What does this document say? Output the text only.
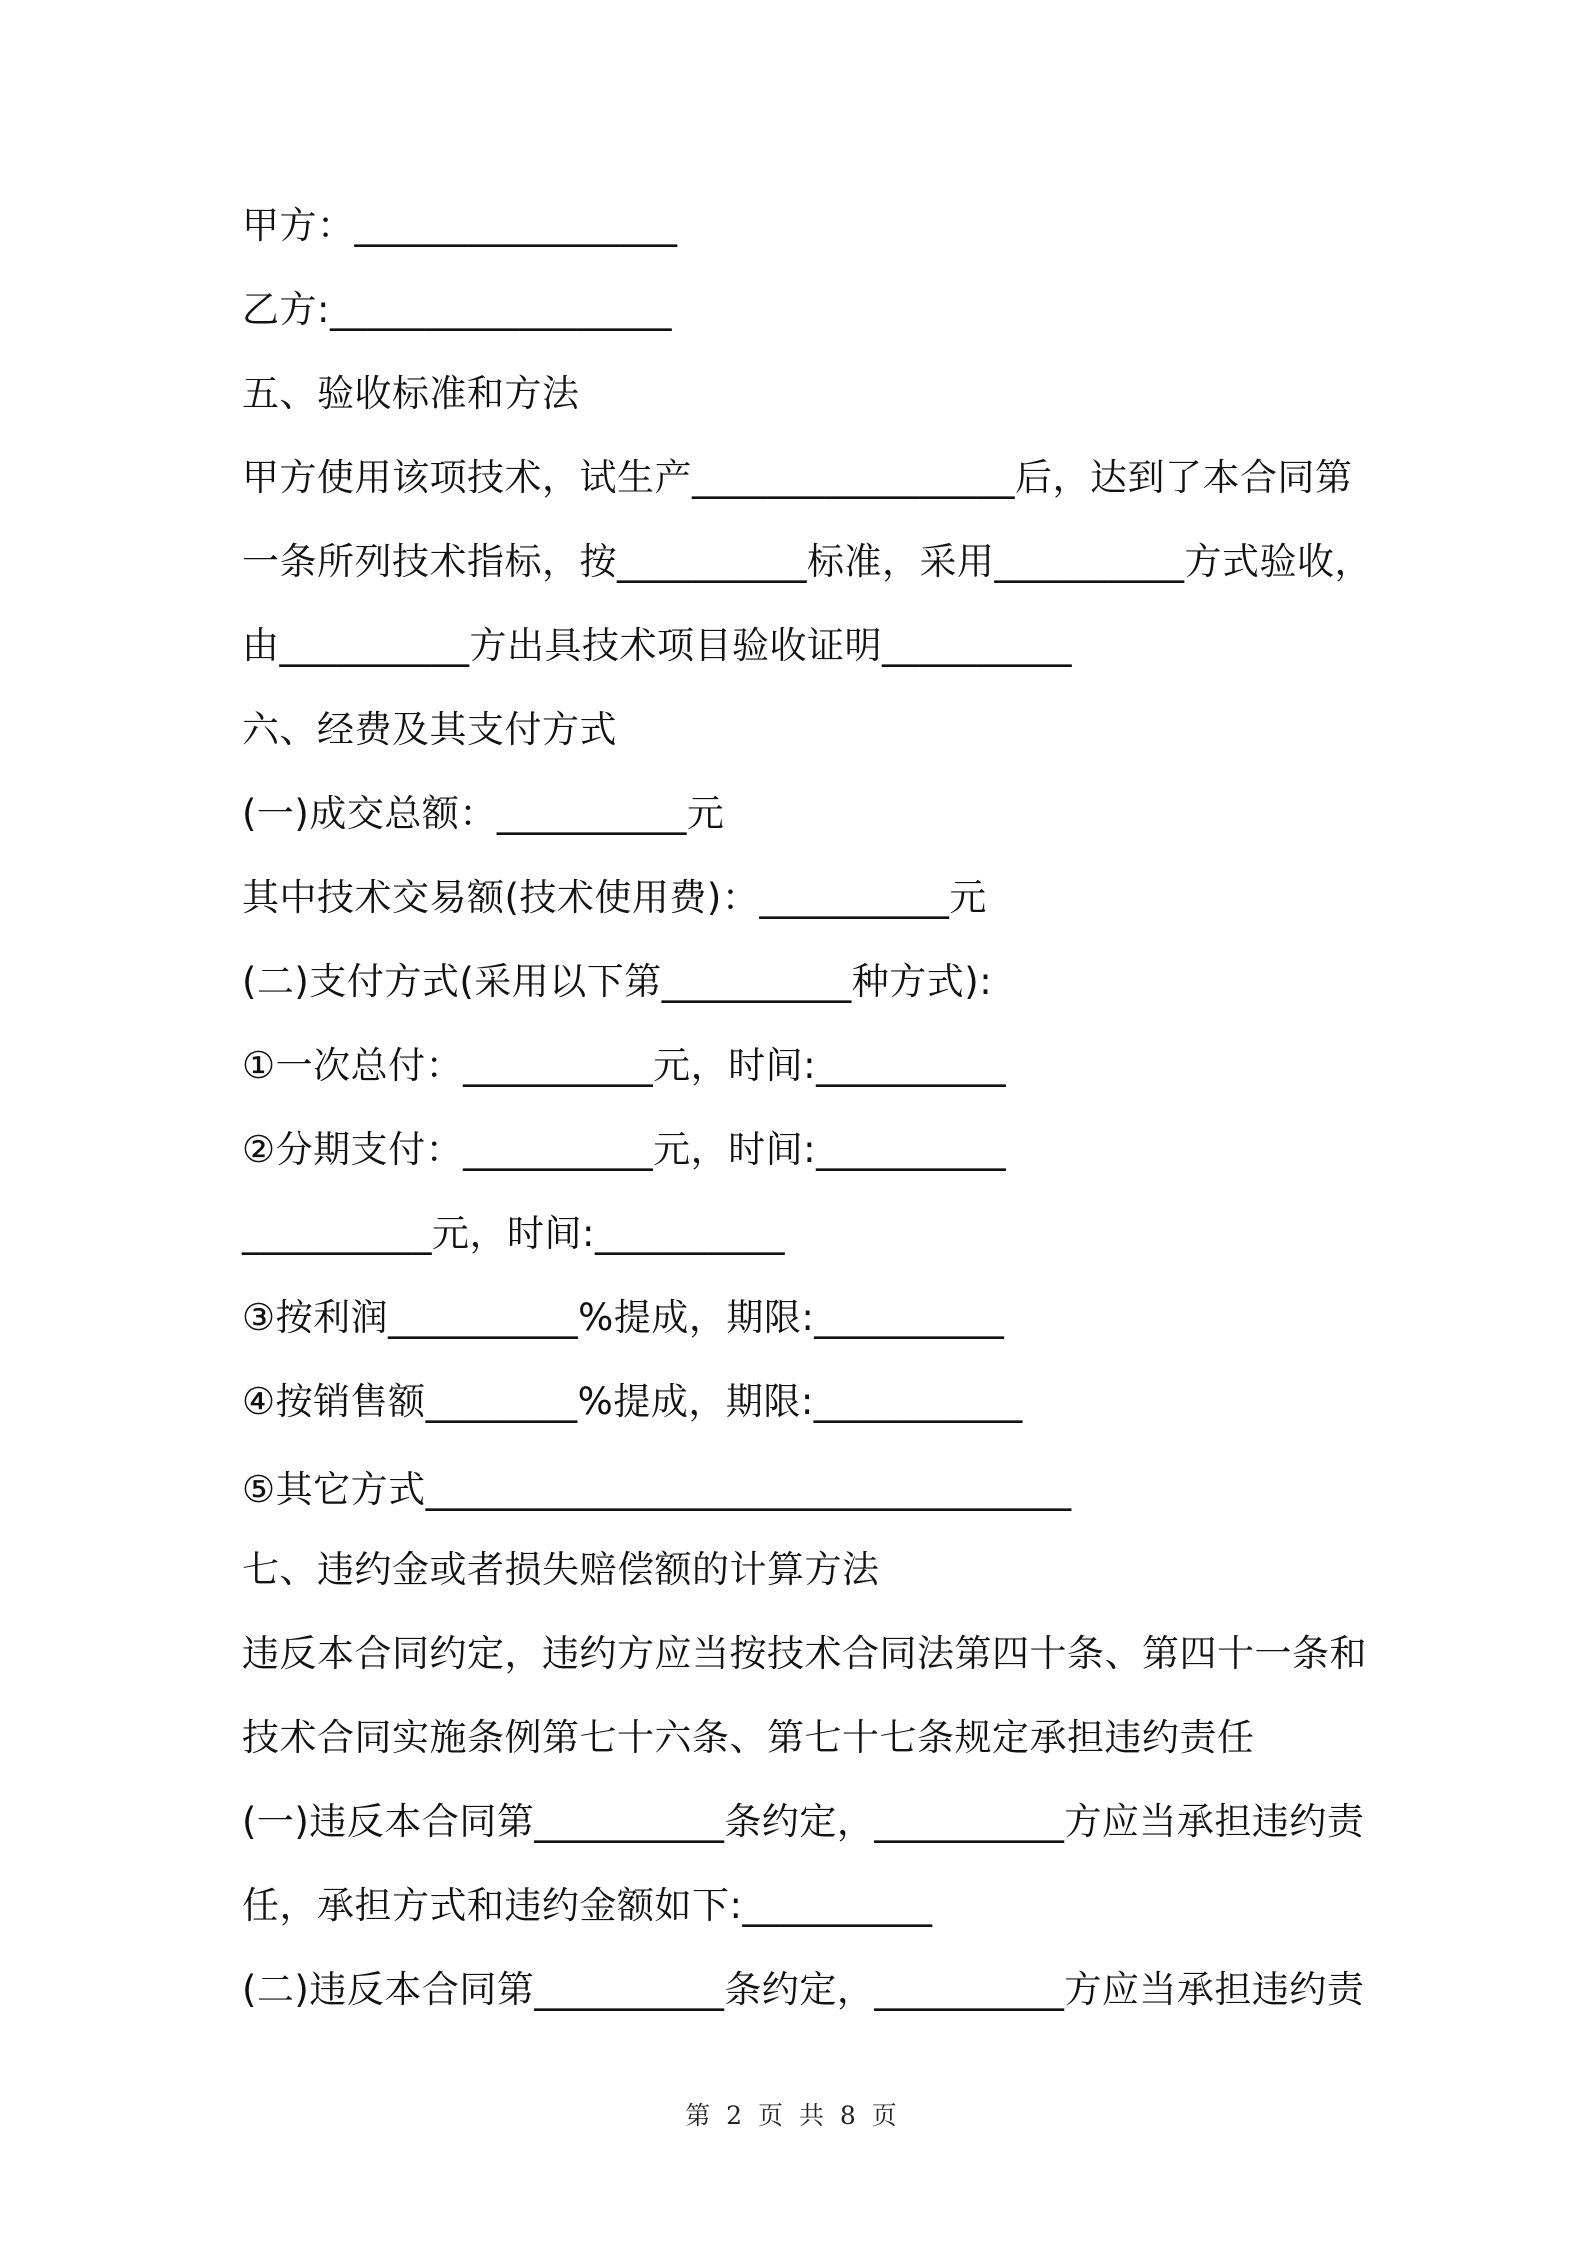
甲方：_________________
乙方:__________________
五、验收标准和方法
甲方使用该项技术，试生产_________________后，达到了本合同第
一条所列技术指标，按__________标准，采用__________方式验收，
由__________方出具技术项目验收证明__________
六、经费及其支付方式
(一)成交总额：__________元
其中技术交易额(技术使用费)：__________元
(二)支付方式(采用以下第__________种方式):
①一次总付：__________元，时间:__________
②分期支付：__________元，时间:__________
__________元，时间:__________
③按利润__________%提成，期限:__________
④按销售额________%提成，期限:___________
⑤其它方式__________________________________
七、违约金或者损失赔偿额的计算方法
违反本合同约定，违约方应当按技术合同法第四十条、第四十一条和
技术合同实施条例第七十六条、第七十七条规定承担违约责任
(一)违反本合同第__________条约定，__________方应当承担违约责
任，承担方式和违约金额如下:__________
(二)违反本合同第__________条约定，__________方应当承担违约责
第 2 页 共 8 页
